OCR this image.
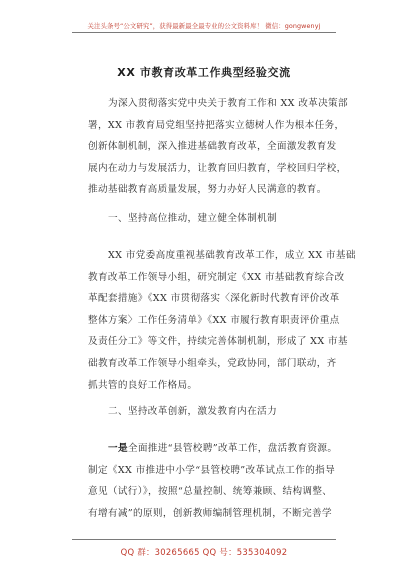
关注头条号“公文研究”，获得最新最全最专业的公文资料库！ 微信：gongwenyj
XX 市教育改革工作典型经验交流
为深入贯彻落实党中央关于教育工作和 XX 改革决策部
署，XX 市教育局党组坚持把落实立德树人作为根本任务，
创新体制机制，深入推进基础教育改革，全面激发教育发
展内在动力与发展活力，让教育回归教育，学校回归学校，
推动基础教育高质量发展，努力办好人民满意的教育。
一、坚持高位推动，建立健全体制机制
XX 市党委高度重视基础教育改革工作，成立 XX 市基础
教育改革工作领导小组，研究制定《XX 市基础教育综合改
革配套措施》《XX 市贯彻落实〈深化新时代教育评价改革
整体方案〉工作任务清单》《XX 市履行教育职责评价重点
及责任分工》等文件，持续完善体制机制，形成了 XX 市基
础教育改革工作领导小组牵头，党政协同，部门联动，齐
抓共管的良好工作格局。
二、坚持改革创新，激发教育内在活力
一是全面推进“县管校聘”改革工作，盘活教育资源。
制定《XX 市推进中小学“县管校聘”改革试点工作的指导
意见（试行）》，按照“总量控制、统筹兼顾、结构调整、
有增有减”的原则，创新教师编制管理机制，不断完善学
QQ 群：30265665 QQ 号：535304092
